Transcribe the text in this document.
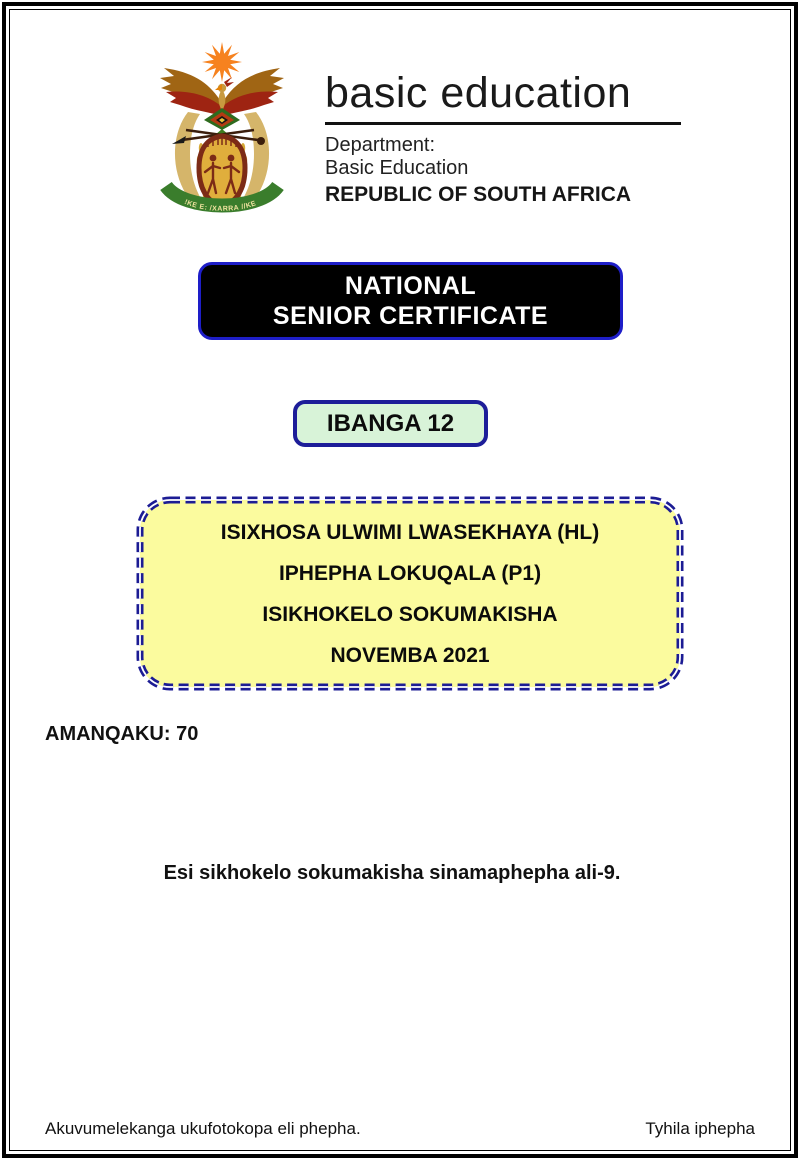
!KE E: /XARRA //KE
basic education
Department:
Basic Education
REPUBLIC OF SOUTH AFRICA
NATIONAL
SENIOR CERTIFICATE
IBANGA 12
ISIXHOSA ULWIMI LWASEKHAYA (HL)
IPHEPHA LOKUQALA (P1)
ISIKHOKELO SOKUMAKISHA
NOVEMBA 2021
AMANQAKU: 70
Esi sikhokelo sokumakisha sinamaphepha ali-9.
Akuvumelekanga ukufotokopa eli phepha.	Tyhila iphepha
